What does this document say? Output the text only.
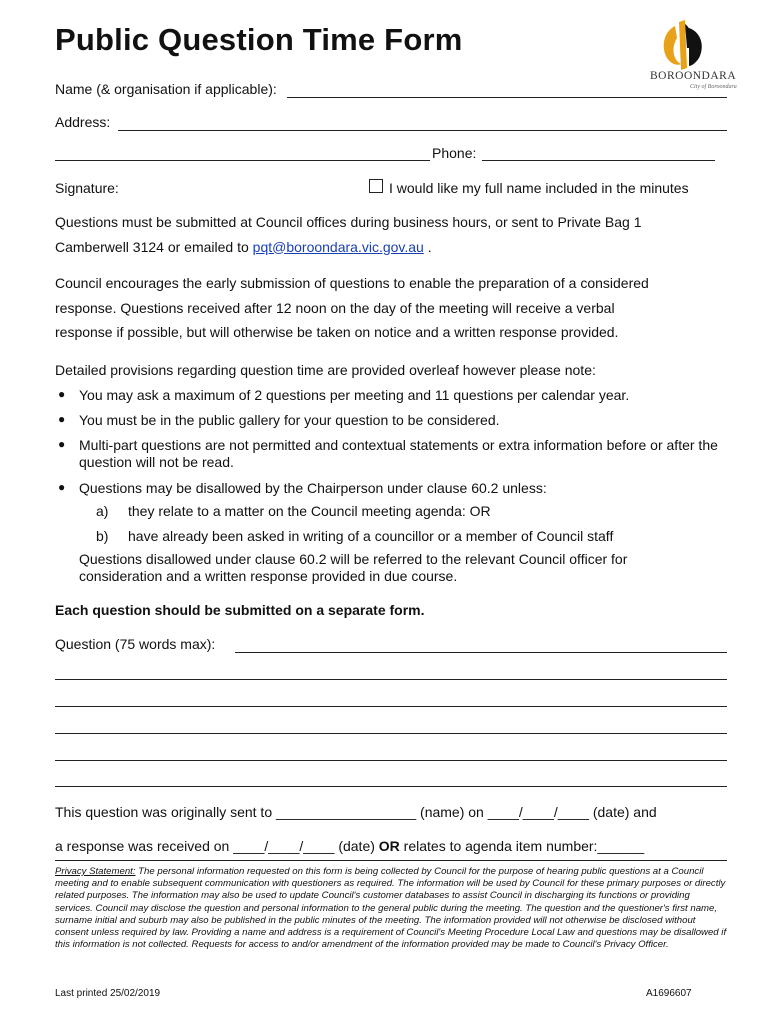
Public Question Time Form
BOROONDARA
City of Boroondara
Name (& organisation if applicable):
Address:
Phone:
Signature:	I would like my full name included in the minutes
Questions must be submitted at Council offices during business hours, or sent to Private Bag 1
Camberwell 3124 or emailed to pqt@boroondara.vic.gov.au .
Council encourages the early submission of questions to enable the preparation of a considered
response. Questions received after 12 noon on the day of the meeting will receive a verbal
response if possible, but will otherwise be taken on notice and a written response provided.
Detailed provisions regarding question time are provided overleaf however please note:
● You may ask a maximum of 2 questions per meeting and 11 questions per calendar year.
● You must be in the public gallery for your question to be considered.
● Multi-part questions are not permitted and contextual statements or extra information before or after the question will not be read.
● Questions may be disallowed by the Chairperson under clause 60.2 unless:
a) they relate to a matter on the Council meeting agenda: OR
b) have already been asked in writing of a councillor or a member of Council staff
Questions disallowed under clause 60.2 will be referred to the relevant Council officer for
consideration and a written response provided in due course.
Each question should be submitted on a separate form.
Question (75 words max):
This question was originally sent to __________________ (name) on ____/____/____ (date) and
a response was received on ____/____/____ (date) OR relates to agenda item number:______
Privacy Statement: The personal information requested on this form is being collected by Council for the purpose of hearing public questions at a Council meeting and to enable subsequent communication with questioners as required. The information will be used by Council for these primary purposes or directly related purposes. The information may also be used to update Council's customer databases to assist Council in discharging its functions or providing services. Council may disclose the question and personal information to the general public during the meeting. The question and the questioner's first name, surname initial and suburb may also be published in the public minutes of the meeting. The information provided will not otherwise be disclosed without consent unless required by law. Providing a name and address is a requirement of Council's Meeting Procedure Local Law and questions may be disallowed if this information is not collected. Requests for access to and/or amendment of the information provided may be made to Council's Privacy Officer.
Last printed 25/02/2019	A1696607
